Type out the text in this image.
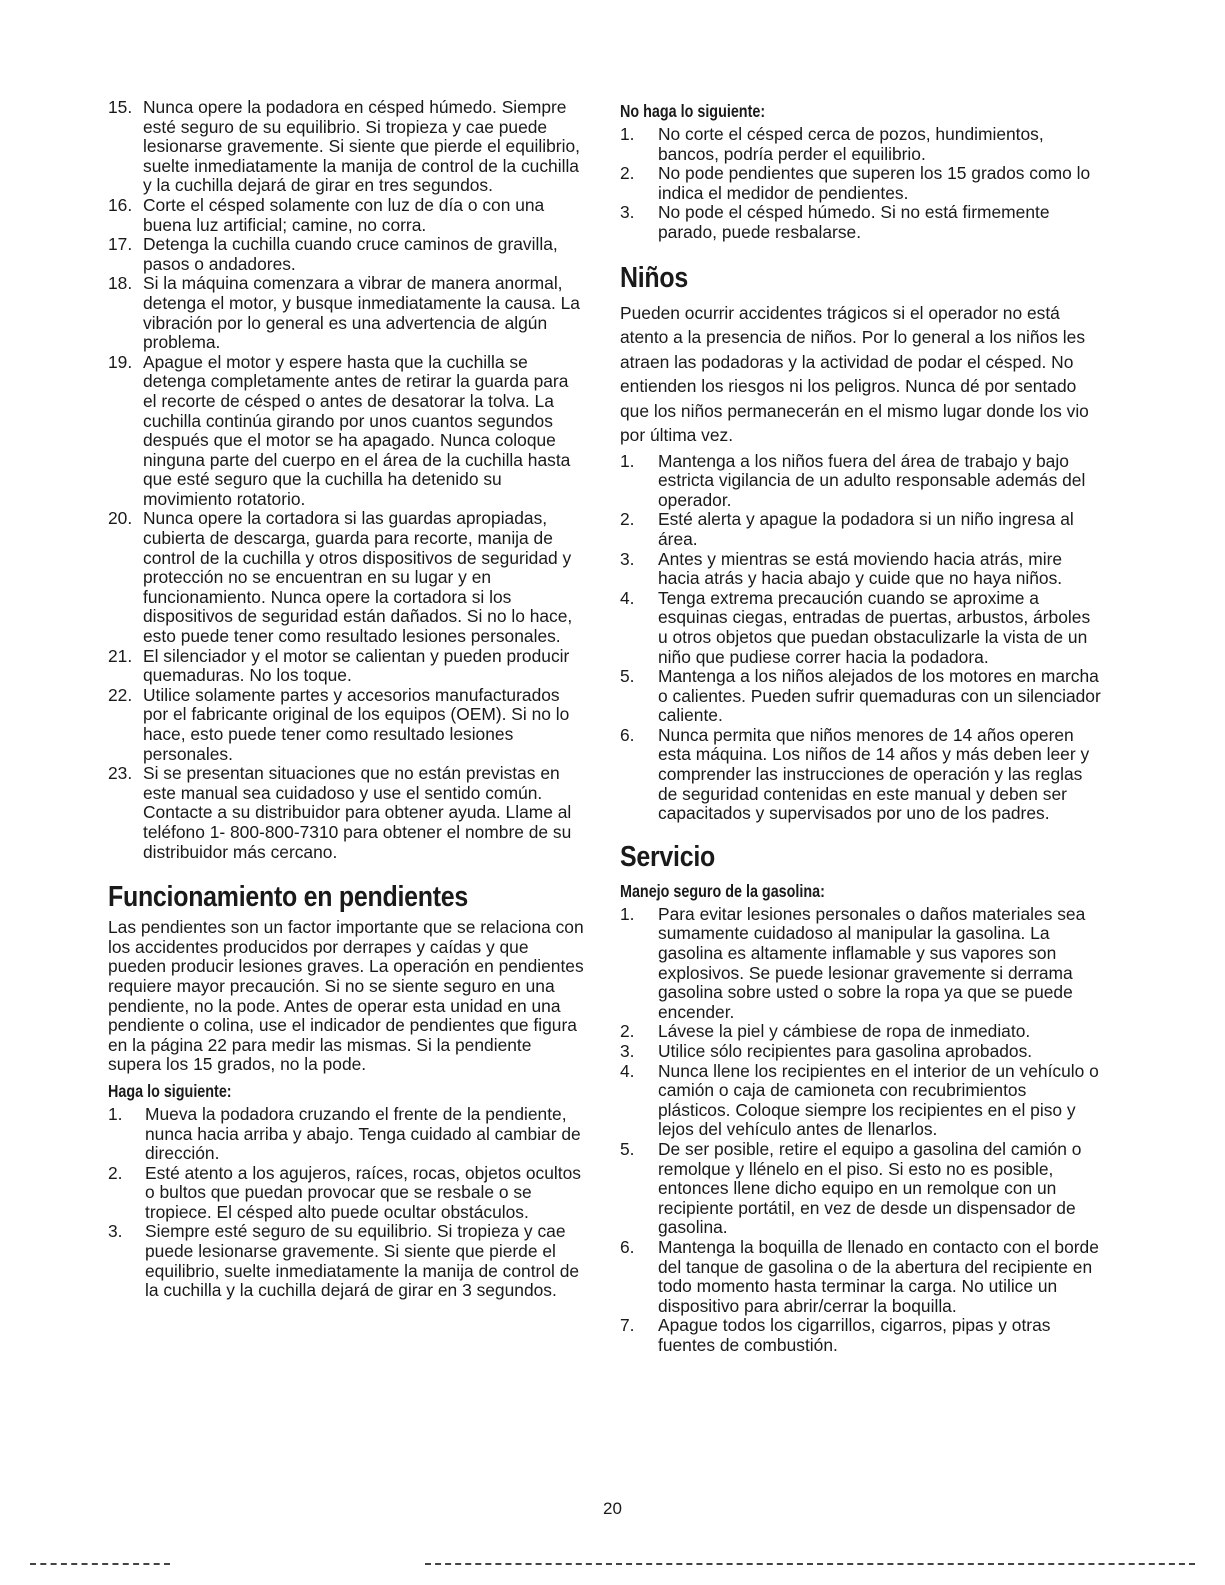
15. Nunca opere la podadora en césped húmedo. Siempre esté seguro de su equilibrio. Si tropieza y cae puede lesionarse gravemente. Si siente que pierde el equilibrio, suelte inmediatamente la manija de control de la cuchilla y la cuchilla dejará de girar en tres segundos.
16. Corte el césped solamente con luz de día o con una buena luz artificial; camine, no corra.
17. Detenga la cuchilla cuando cruce caminos de gravilla, pasos o andadores.
18. Si la máquina comenzara a vibrar de manera anormal, detenga el motor, y busque inmediatamente la causa. La vibración por lo general es una advertencia de algún problema.
19. Apague el motor y espere hasta que la cuchilla se detenga completamente antes de retirar la guarda para el recorte de césped o antes de desatorar la tolva. La cuchilla continúa girando por unos cuantos segundos después que el motor se ha apagado. Nunca coloque ninguna parte del cuerpo en el área de la cuchilla hasta que esté seguro que la cuchilla ha detenido su movimiento rotatorio.
20. Nunca opere la cortadora si las guardas apropiadas, cubierta de descarga, guarda para recorte, manija de control de la cuchilla y otros dispositivos de seguridad y protección no se encuentran en su lugar y en funcionamiento. Nunca opere la cortadora si los dispositivos de seguridad están dañados. Si no lo hace, esto puede tener como resultado lesiones personales.
21. El silenciador y el motor se calientan y pueden producir quemaduras. No los toque.
22. Utilice solamente partes y accesorios manufacturados por el fabricante original de los equipos (OEM). Si no lo hace, esto puede tener como resultado lesiones personales.
23. Si se presentan situaciones que no están previstas en este manual sea cuidadoso y use el sentido común. Contacte a su distribuidor para obtener ayuda. Llame al teléfono 1- 800-800-7310 para obtener el nombre de su distribuidor más cercano.
Funcionamiento en pendientes

Las pendientes son un factor importante que se relaciona con los accidentes producidos por derrapes y caídas y que pueden producir lesiones graves. La operación en pendientes requiere mayor precaución. Si no se siente seguro en una pendiente, no la pode. Antes de operar esta unidad en una pendiente o colina, use el indicador de pendientes que figura en la página 22 para medir las mismas. Si la pendiente supera los 15 grados, no la pode.

Haga lo siguiente:
1. Mueva la podadora cruzando el frente de la pendiente, nunca hacia arriba y abajo. Tenga cuidado al cambiar de dirección.
2. Esté atento a los agujeros, raíces, rocas, objetos ocultos o bultos que puedan provocar que se resbale o se tropiece. El césped alto puede ocultar obstáculos.
3. Siempre esté seguro de su equilibrio. Si tropieza y cae puede lesionarse gravemente. Si siente que pierde el equilibrio, suelte inmediatamente la manija de control de la cuchilla y la cuchilla dejará de girar en 3 segundos.
No haga lo siguiente:
1. No corte el césped cerca de pozos, hundimientos, bancos, podría perder el equilibrio.
2. No pode pendientes que superen los 15 grados como lo indica el medidor de pendientes.
3. No pode el césped húmedo. Si no está firmemente parado, puede resbalarse.
Niños

Pueden ocurrir accidentes trágicos si el operador no está atento a la presencia de niños. Por lo general a los niños les atraen las podadoras y la actividad de podar el césped. No entienden los riesgos ni los peligros. Nunca dé por sentado que los niños permanecerán en el mismo lugar donde los vio por última vez.

1. Mantenga a los niños fuera del área de trabajo y bajo estricta vigilancia de un adulto responsable además del operador.
2. Esté alerta y apague la podadora si un niño ingresa al área.
3. Antes y mientras se está moviendo hacia atrás, mire hacia atrás y hacia abajo y cuide que no haya niños.
4. Tenga extrema precaución cuando se aproxime a esquinas ciegas, entradas de puertas, arbustos, árboles u otros objetos que puedan obstaculizarle la vista de un niño que pudiese correr hacia la podadora.
5. Mantenga a los niños alejados de los motores en marcha o calientes. Pueden sufrir quemaduras con un silenciador caliente.
6. Nunca permita que niños menores de 14 años operen esta máquina. Los niños de 14 años y más deben leer y comprender las instrucciones de operación y las reglas de seguridad contenidas en este manual y deben ser capacitados y supervisados por uno de los padres.
Servicio
Manejo seguro de la gasolina:
1. Para evitar lesiones personales o daños materiales sea sumamente cuidadoso al manipular la gasolina. La gasolina es altamente inflamable y sus vapores son explosivos. Se puede lesionar gravemente si derrama gasolina sobre usted o sobre la ropa ya que se puede encender.
2. Lávese la piel y cámbiese de ropa de inmediato.
3. Utilice sólo recipientes para gasolina aprobados.
4. Nunca llene los recipientes en el interior de un vehículo o camión o caja de camioneta con recubrimientos plásticos. Coloque siempre los recipientes en el piso y lejos del vehículo antes de llenarlos.
5. De ser posible, retire el equipo a gasolina del camión o remolque y llénelo en el piso. Si esto no es posible, entonces llene dicho equipo en un remolque con un recipiente portátil, en vez de desde un dispensador de gasolina.
6. Mantenga la boquilla de llenado en contacto con el borde del tanque de gasolina o de la abertura del recipiente en todo momento hasta terminar la carga. No utilice un dispositivo para abrir/cerrar la boquilla.
7. Apague todos los cigarrillos, cigarros, pipas y otras fuentes de combustión.
20
